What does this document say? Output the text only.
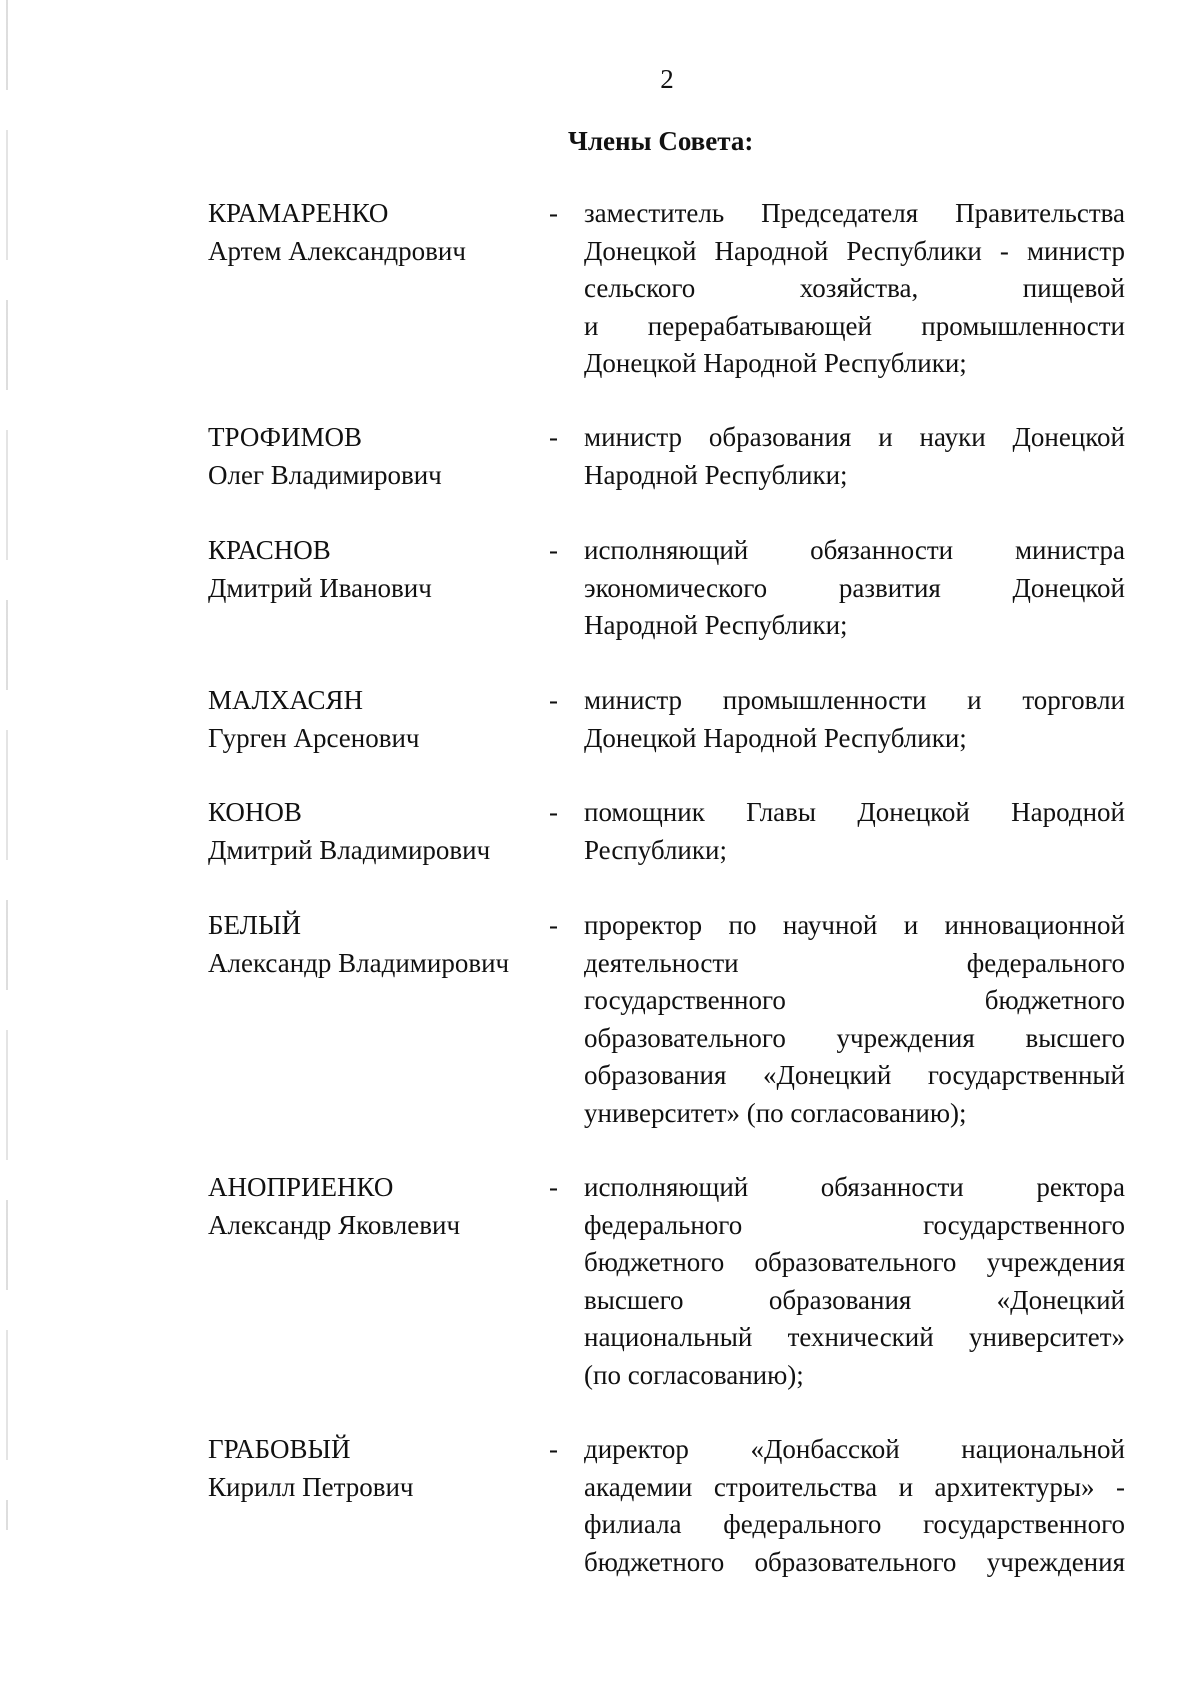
2
Члены Совета:
КРАМАРЕНКО
Артем Александрович
- заместитель Председателя Правительства
Донецкой Народной Республики - министр
сельского хозяйства, пищевой
и перерабатывающей промышленности
Донецкой Народной Республики;
ТРОФИМОВ
Олег Владимирович
- министр образования и науки Донецкой
Народной Республики;
КРАСНОВ
Дмитрий Иванович
- исполняющий обязанности министра
экономического развития Донецкой
Народной Республики;
МАЛХАСЯН
Гурген Арсенович
- министр промышленности и торговли
Донецкой Народной Республики;
КОНОВ
Дмитрий Владимирович
- помощник Главы Донецкой Народной
Республики;
БЕЛЫЙ
Александр Владимирович
- проректор по научной и инновационной
деятельности федерального
государственного бюджетного
образовательного учреждения высшего
образования «Донецкий государственный
университет» (по согласованию);
АНОПРИЕНКО
Александр Яковлевич
- исполняющий обязанности ректора
федерального государственного
бюджетного образовательного учреждения
высшего образования «Донецкий
национальный технический университет»
(по согласованию);
ГРАБОВЫЙ
Кирилл Петрович
- директор «Донбасской национальной
академии строительства и архитектуры» -
филиала федерального государственного
бюджетного образовательного учреждения
